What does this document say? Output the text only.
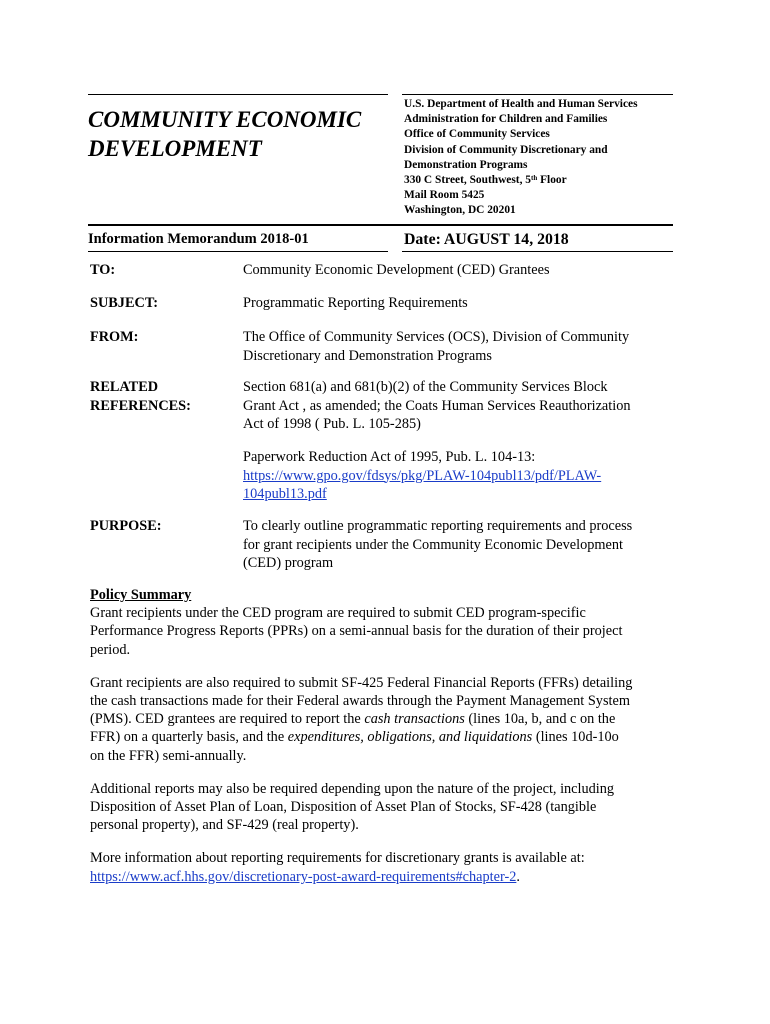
COMMUNITY ECONOMIC
DEVELOPMENT
U.S. Department of Health and Human Services
Administration for Children and Families
Office of Community Services
Division of Community Discretionary and
Demonstration Programs
330 C Street, Southwest, 5th Floor
Mail Room 5425
Washington, DC 20201
Information Memorandum 2018-01	Date: AUGUST 14, 2018
TO:	Community Economic Development (CED) Grantees
SUBJECT:	Programmatic Reporting Requirements
FROM:	The Office of Community Services (OCS), Division of Community
Discretionary and Demonstration Programs
RELATED
REFERENCES:
Section 681(a) and 681(b)(2) of the Community Services Block
Grant Act , as amended; the Coats Human Services Reauthorization
Act of 1998 ( Pub. L. 105-285)
Paperwork Reduction Act of 1995, Pub. L. 104-13:
https://www.gpo.gov/fdsys/pkg/PLAW-104publ13/pdf/PLAW-
104publ13.pdf
PURPOSE:	To clearly outline programmatic reporting requirements and process
for grant recipients under the Community Economic Development
(CED) program

Policy Summary
Grant recipients under the CED program are required to submit CED program-specific
Performance Progress Reports (PPRs) on a semi-annual basis for the duration of their project
period.

Grant recipients are also required to submit SF-425 Federal Financial Reports (FFRs) detailing
the cash transactions made for their Federal awards through the Payment Management System
(PMS). CED grantees are required to report the cash transactions (lines 10a, b, and c on the
FFR) on a quarterly basis, and the expenditures, obligations, and liquidations (lines 10d-10o
on the FFR) semi-annually.

Additional reports may also be required depending upon the nature of the project, including
Disposition of Asset Plan of Loan, Disposition of Asset Plan of Stocks, SF-428 (tangible
personal property), and SF-429 (real property).

More information about reporting requirements for discretionary grants is available at:
https://www.acf.hhs.gov/discretionary-post-award-requirements#chapter-2.
